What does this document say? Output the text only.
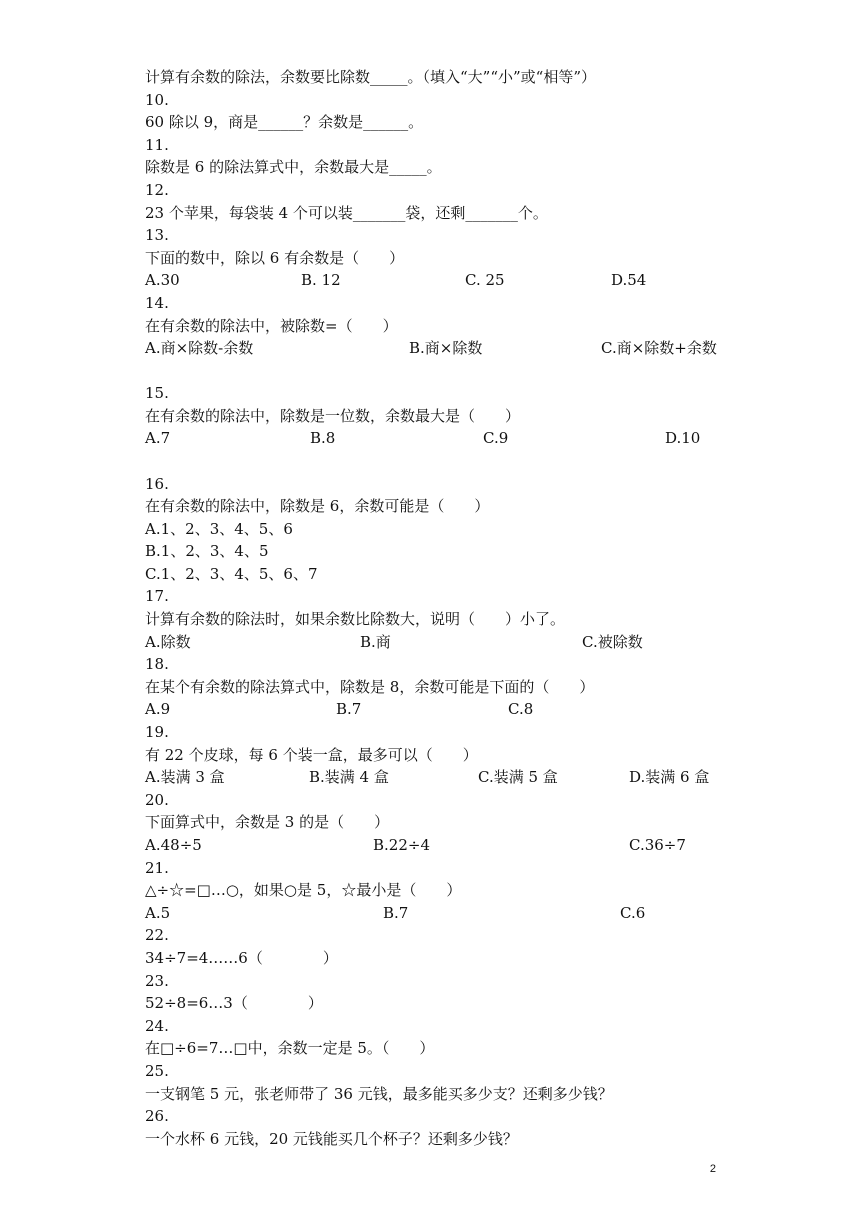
计算有余数的除法，余数要比除数_____。（填入“大”“小”或“相等”）
10.
60 除以 9，商是______？余数是______。
11.
除数是 6 的除法算式中，余数最大是_____。
12.
23 个苹果，每袋装 4 个可以装_______袋，还剩_______个。
13.
下面的数中，除以 6 有余数是（　　）
A.30	B. 12	C. 25	D.54
14.
在有余数的除法中，被除数=（　　）
A.商×除数-余数	B.商×除数	C.商×除数+余数
15.
在有余数的除法中，除数是一位数，余数最大是（　　）
A.7	B.8	C.9	D.10
16.
在有余数的除法中，除数是 6，余数可能是（　　）
A.1、2、3、4、5、6
B.1、2、3、4、5
C.1、2、3、4、5、6、7
17.
计算有余数的除法时，如果余数比除数大，说明（　　）小了。
A.除数	B.商	C.被除数
18.
在某个有余数的除法算式中，除数是 8，余数可能是下面的（　　）
A.9	B.7	C.8
19.
有 22 个皮球，每 6 个装一盒，最多可以（　　）
A.装满 3 盒	B.装满 4 盒	C.装满 5 盒	D.装满 6 盒
20.
下面算式中，余数是 3 的是（　　）
A.48÷5	B.22÷4	C.36÷7
21.
△÷☆=□…○，如果○是 5，☆最小是（　　）
A.5	B.7	C.6
22.
34÷7=4……6（　　　　）
23.
52÷8=6…3（　　　　）
24.
在□÷6=7…□中，余数一定是 5。（　　）
25.
一支钢笔 5 元，张老师带了 36 元钱，最多能买多少支？还剩多少钱？
26.
一个水杯 6 元钱，20 元钱能买几个杯子？还剩多少钱？
2
